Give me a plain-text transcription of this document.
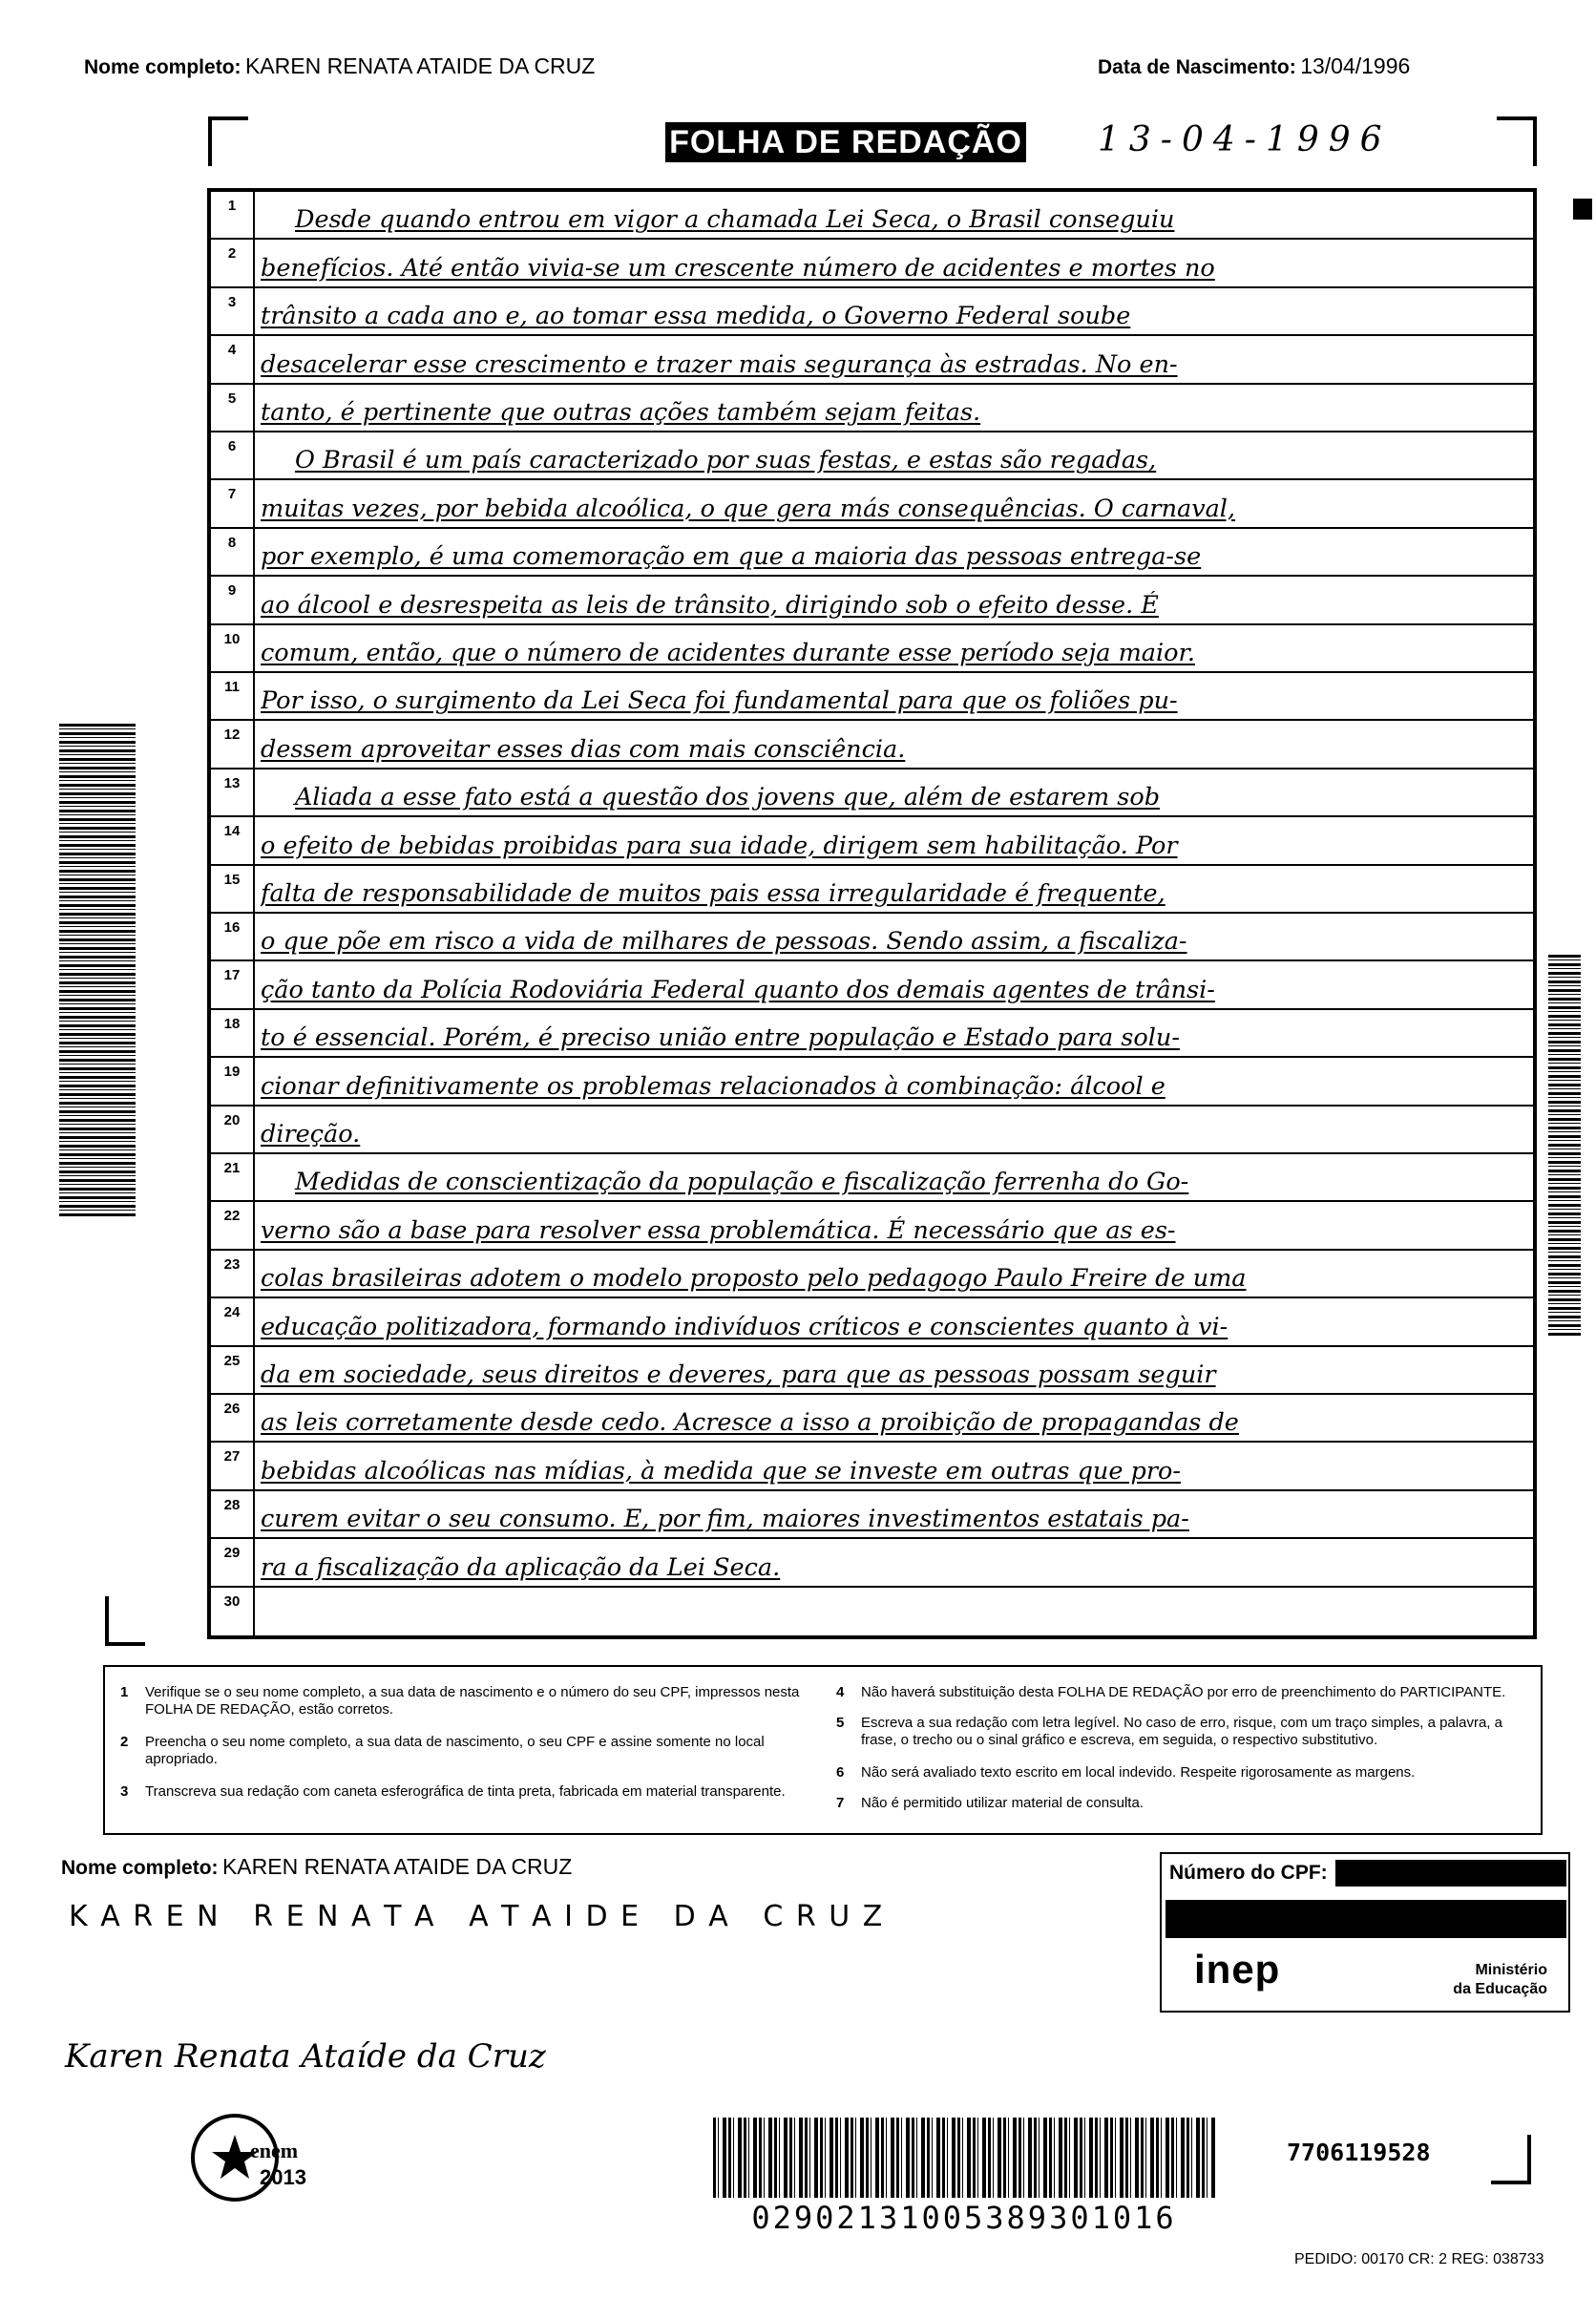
Nome completo: KAREN RENATA ATAIDE DA CRUZ	Data de Nascimento: 13/04/1996
FOLHA DE REDAÇÃO 13-04-1996
1	Desde quando entrou em vigor a chamada Lei Seca, o Brasil conseguiu
2	benefícios. Até então vivia-se um crescente número de acidentes e mortes no
3	trânsito a cada ano e, ao tomar essa medida, o Governo Federal soube
4	desacelerar esse crescimento e trazer mais segurança às estradas. No en-
5	tanto, é pertinente que outras ações também sejam feitas.
6	O Brasil é um país caracterizado por suas festas, e estas são regadas,
7	muitas vezes, por bebida alcoólica, o que gera más consequências. O carnaval,
8	por exemplo, é uma comemoração em que a maioria das pessoas entrega-se
9	ao álcool e desrespeita as leis de trânsito, dirigindo sob o efeito desse. É
10 comum, então, que o número de acidentes durante esse período seja maior.
11 Por isso, o surgimento da Lei Seca foi fundamental para que os foliões pu-
12 dessem aproveitar esses dias com mais consciência.
13	Aliada a esse fato está a questão dos jovens que, além de estarem sob
14 o efeito de bebidas proibidas para sua idade, dirigem sem habilitação. Por
15 falta de responsabilidade de muitos pais essa irregularidade é frequente,
16 o que põe em risco a vida de milhares de pessoas. Sendo assim, a fiscaliza-
17 ção tanto da Polícia Rodoviária Federal quanto dos demais agentes de trânsi-
18 to é essencial. Porém, é preciso união entre população e Estado para solu-
19 cionar definitivamente os problemas relacionados à combinação: álcool e
20 direção.
21	Medidas de conscientização da população e fiscalização ferrenha do Go-
22 verno são a base para resolver essa problemática. É necessário que as es-
23 colas brasileiras adotem o modelo proposto pelo pedagogo Paulo Freire de uma
24 educação politizadora, formando indivíduos críticos e conscientes quanto à vi-
25 da em sociedade, seus direitos e deveres, para que as pessoas possam seguir
26 as leis corretamente desde cedo. Acresce a isso a proibição de propagandas de
27 bebidas alcoólicas nas mídias, à medida que se investe em outras que pro-
28 curem evitar o seu consumo. E, por fim, maiores investimentos estatais pa-
29 ra a fiscalização da aplicação da Lei Seca.
30
1 Verifique se o seu nome completo, a sua data de nascimento e o número do seu CPF, impressos nesta FOLHA DE REDAÇÃO, estão corretos.
2 Preencha o seu nome completo, a sua data de nascimento, o seu CPF e assine somente no local apropriado.
3 Transcreva sua redação com caneta esferográfica de tinta preta, fabricada em material transparente.
4 Não haverá substituição desta FOLHA DE REDAÇÃO por erro de preenchimento do PARTICIPANTE.
5 Escreva a sua redação com letra legível. No caso de erro, risque, com um traço simples, a palavra, a frase, o trecho ou o sinal gráfico e escreva, em seguida, o respectivo substitutivo.
6 Não será avaliado texto escrito em local indevido. Respeite rigorosamente as margens.
7 Não é permitido utilizar material de consulta.
Nome completo: KAREN RENATA ATAIDE DA CRUZ
K A R E N   R E N A T A   A T A I D E   D A   C R U Z
Karen Renata Ataíde da Cruz
Número do CPF:
inep	Ministério
da Educação
enem
2013
02902131005389301016
7706119528
PEDIDO: 00170 CR: 2 REG: 038733
